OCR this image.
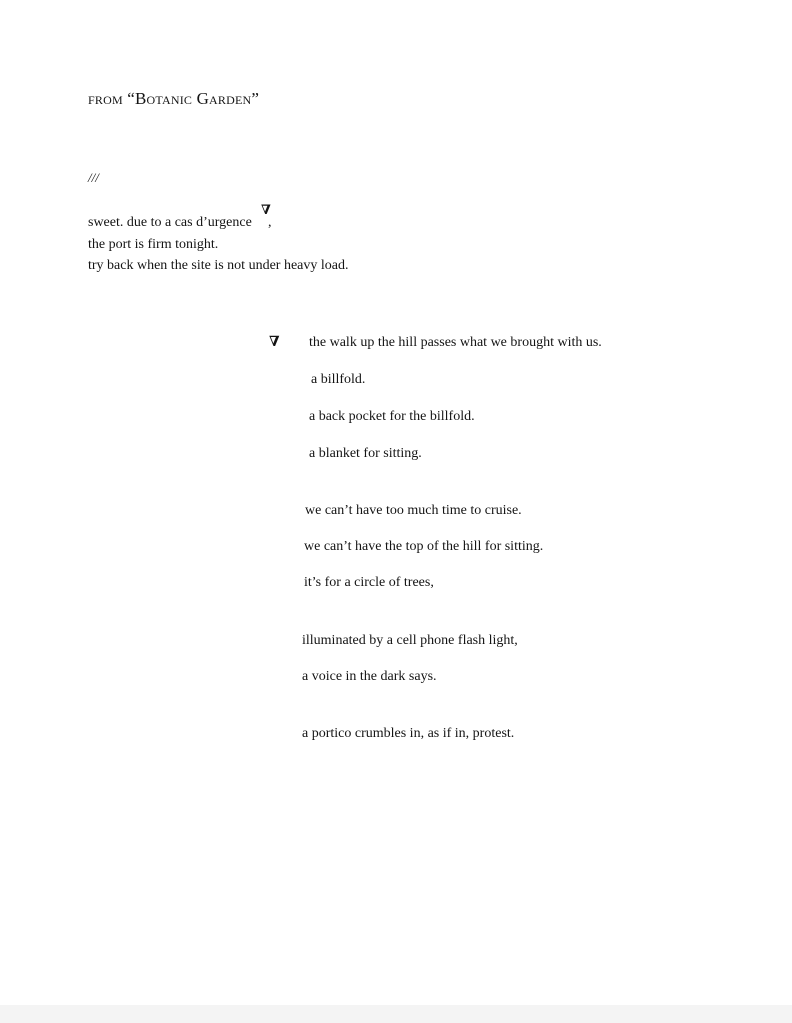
from “Botanic Garden”
///
sweet. due to a cas d’urgence
∇
,
the port is firm tonight.
try back when the site is not under heavy load.
∇ the walk up the hill passes what we brought with us.
a billfold.
a back pocket for the billfold.
a blanket for sitting.
we can’t have too much time to cruise.
we can’t have the top of the hill for sitting.
it’s for a circle of trees,
illuminated by a cell phone flash light,
a voice in the dark says.
a portico crumbles in, as if in, protest.
